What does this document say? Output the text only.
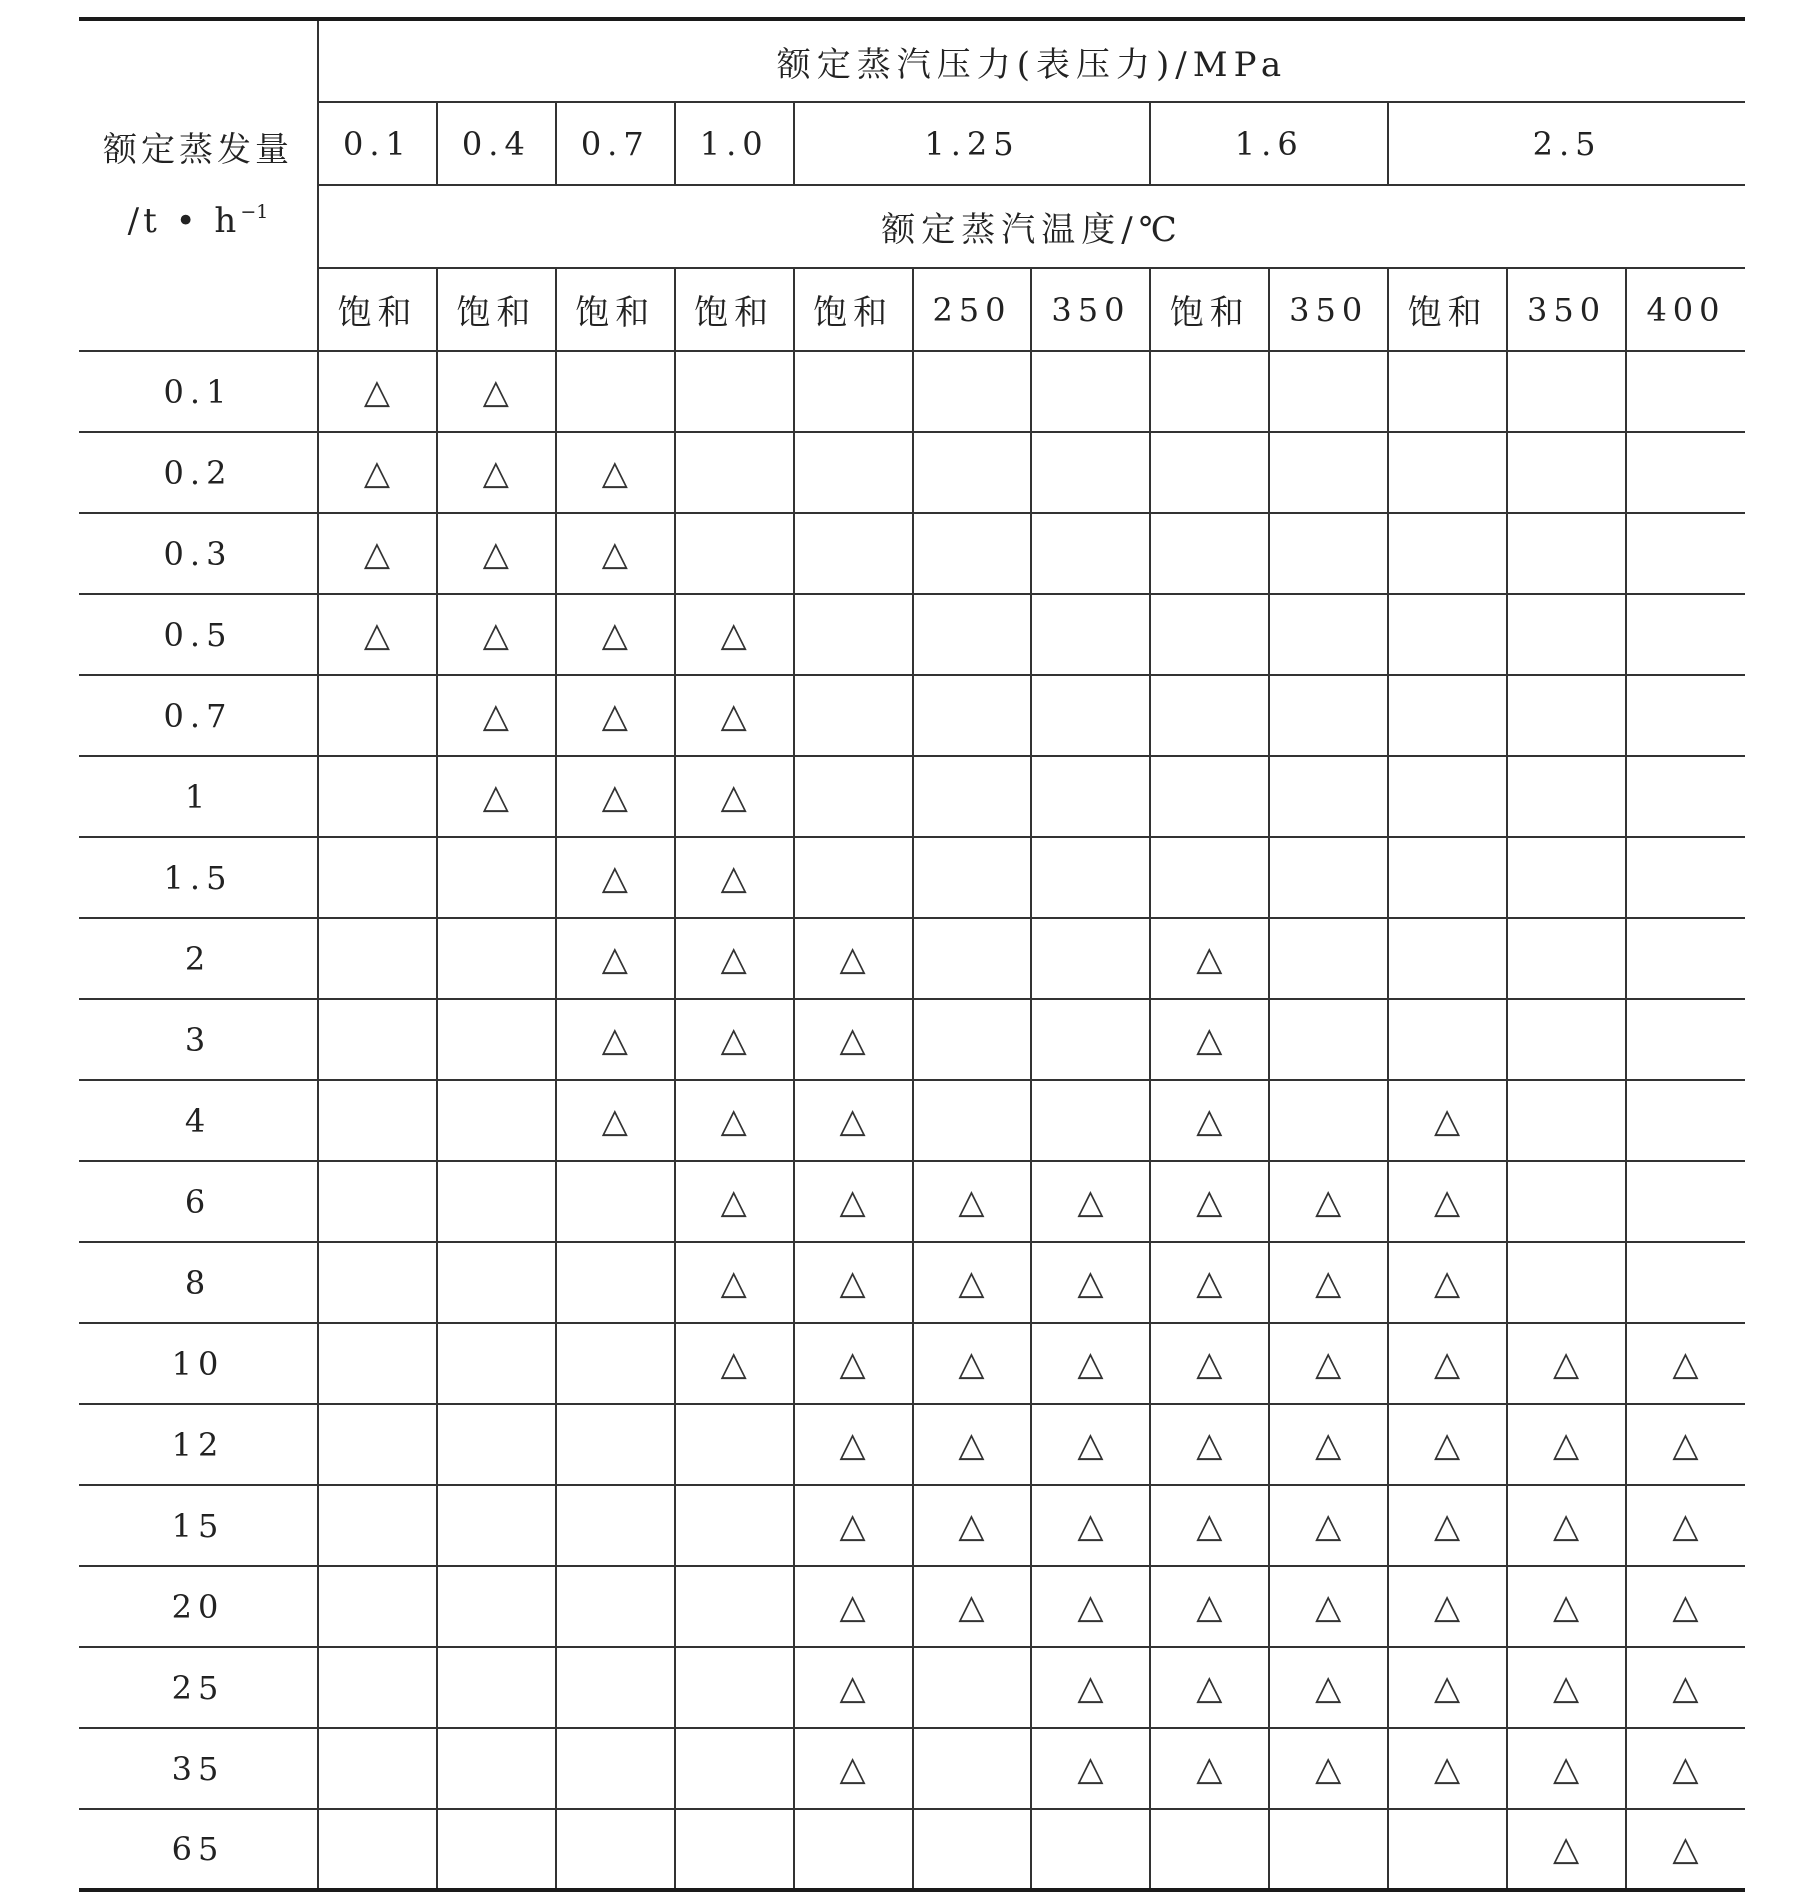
额定蒸发量
/t • $h^{-1}$	额定蒸汽压力(表压力)/MPa											
	0.1	0.4	0.7	1.0	1.25			1.6		2.5		
	额定蒸汽温度/℃											
	饱和	饱和	饱和	饱和	饱和	250	350	饱和	350	饱和	350	400
0.1	△	△										
0.2	△	△	△									
0.3	△	△	△									
0.5	△	△	△	△								
0.7		△	△	△								
1		△	△	△								
1.5			△	△								
2			△	△	△			△				
3			△	△	△			△				
4			△	△	△			△		△		
6				△	△	△	△	△	△	△		
8				△	△	△	△	△	△	△		
10				△	△	△	△	△	△	△	△	△
12					△	△	△	△	△	△	△	△
15					△	△	△	△	△	△	△	△
20					△	△	△	△	△	△	△	△
25					△		△	△	△	△	△	△
35					△		△	△	△	△	△	△
65											△	△
